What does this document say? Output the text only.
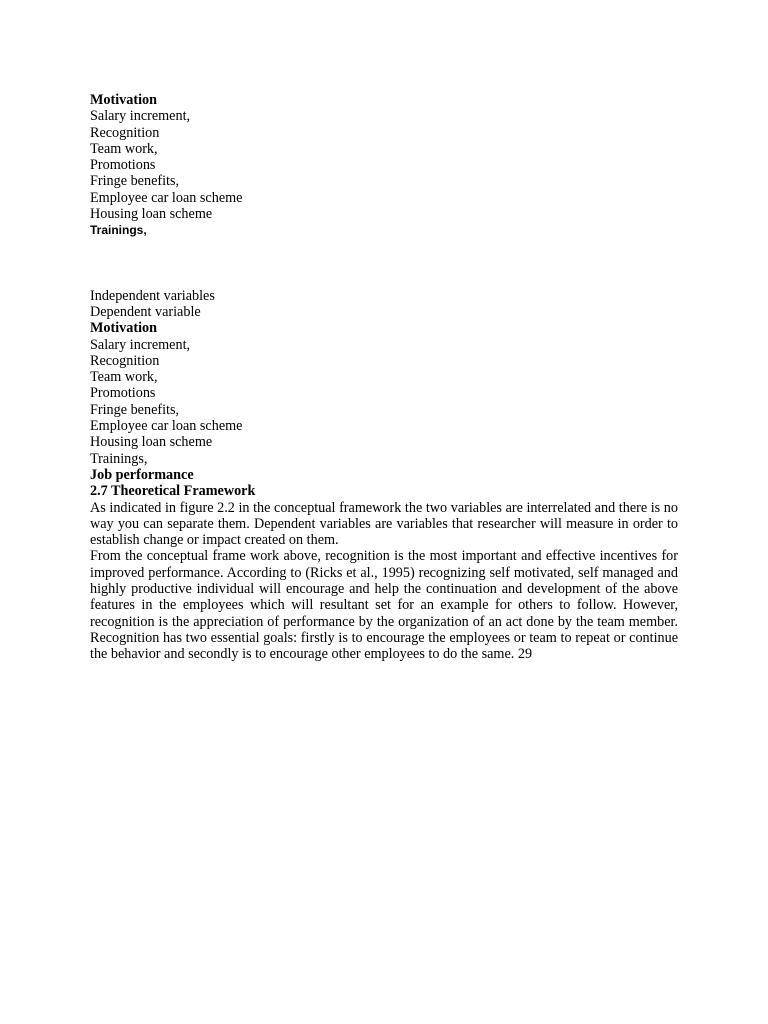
Motivation
Salary increment,
Recognition
Team work,
Promotions
Fringe benefits,
Employee car loan scheme
Housing loan scheme
Trainings,
Independent variables
Dependent variable
Motivation
Salary increment,
Recognition
Team work,
Promotions
Fringe benefits,
Employee car loan scheme
Housing loan scheme
Trainings,
Job performance
2.7 Theoretical Framework

As indicated in figure 2.2 in the conceptual framework the two variables are interrelated and there is no way you can separate them. Dependent variables are variables that researcher will measure in order to establish change or impact created on them.

From the conceptual frame work above, recognition is the most important and effective incentives for improved performance. According to (Ricks et al., 1995) recognizing self motivated, self managed and highly productive individual will encourage and help the continuation and development of the above features in the employees which will resultant set for an example for others to follow. However, recognition is the appreciation of performance by the organization of an act done by the team member. Recognition has two essential goals: firstly is to encourage the employees or team to repeat or continue the behavior and secondly is to encourage other employees to do the same. 29
